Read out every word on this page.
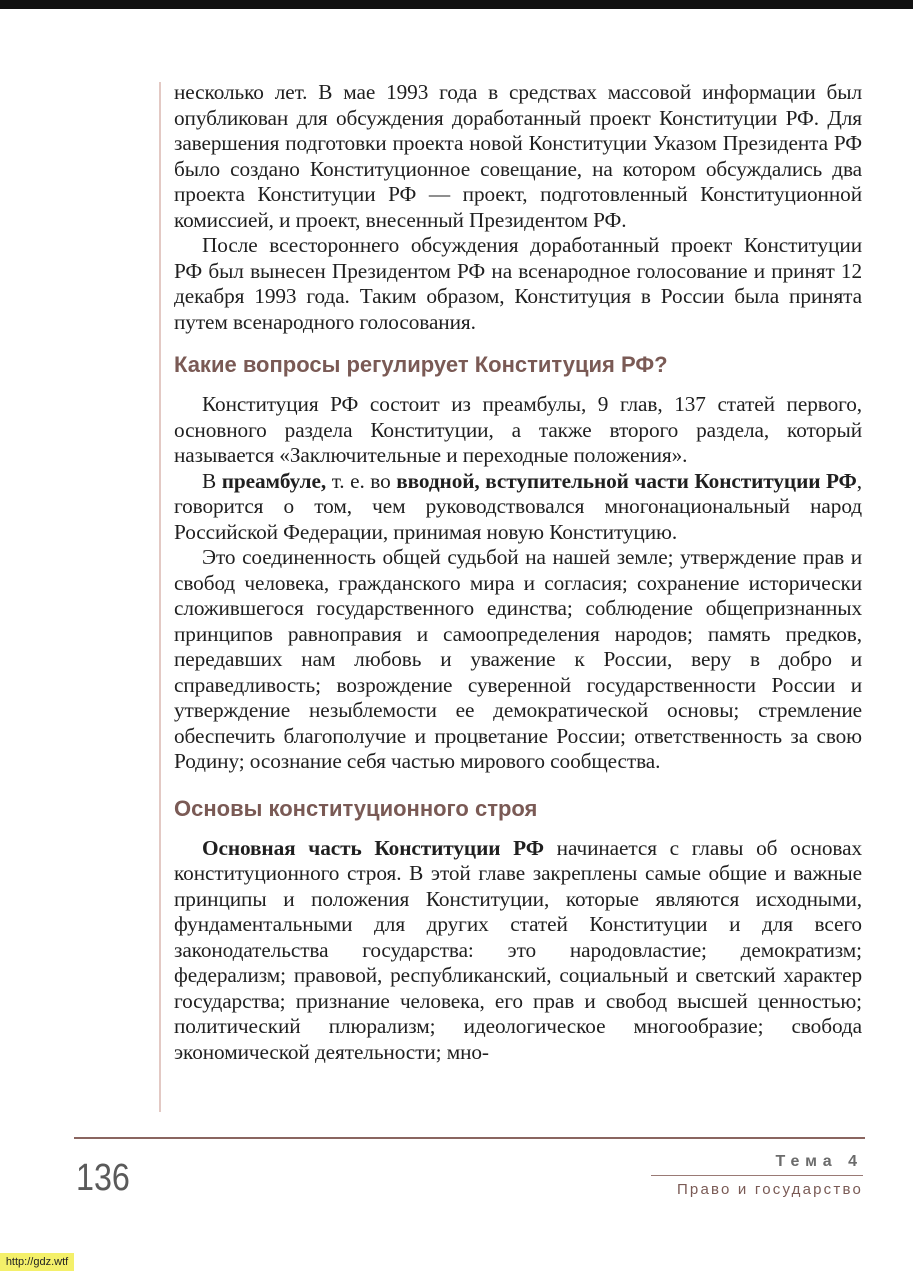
несколько лет. В мае 1993 года в средствах массовой информации был опубликован для обсуждения доработанный проект Конституции РФ. Для завершения подготовки проекта новой Конституции Указом Президента РФ было создано Конституционное совещание, на котором обсуждались два проекта Конституции РФ — проект, подготовленный Конституционной комиссией, и проект, внесенный Президентом РФ.

После всестороннего обсуждения доработанный проект Конституции РФ был вынесен Президентом РФ на всенародное голосование и принят 12 декабря 1993 года. Таким образом, Конституция в России была принята путем всенародного голосования.

Какие вопросы регулирует Конституция РФ?

Конституция РФ состоит из преамбулы, 9 глав, 137 статей первого, основного раздела Конституции, а также второго раздела, который называется «Заключительные и переходные положения».

В преамбуле, т. е. во вводной, вступительной части Конституции РФ, говорится о том, чем руководствовался многонациональный народ Российской Федерации, принимая новую Конституцию.

Это соединенность общей судьбой на нашей земле; утверждение прав и свобод человека, гражданского мира и согласия; сохранение исторически сложившегося государственного единства; соблюдение общепризнанных принципов равноправия и самоопределения народов; память предков, передавших нам любовь и уважение к России, веру в добро и справедливость; возрождение суверенной государственности России и утверждение незыблемости ее демократической основы; стремление обеспечить благополучие и процветание России; ответственность за свою Родину; осознание себя частью мирового сообщества.

Основы конституционного строя

Основная часть Конституции РФ начинается с главы об основах конституционного строя. В этой главе закреплены самые общие и важные принципы и положения Конституции, которые являются исходными, фундаментальными для других статей Конституции и для всего законодательства государства: это народовластие; демократизм; федерализм; правовой, республиканский, социальный и светский характер государства; признание человека, его прав и свобод высшей ценностью; политический плюрализм; идеологическое многообразие; свобода экономической деятельности; мно-

136	Тема 4
Право и государство
http://gdz.wtf
